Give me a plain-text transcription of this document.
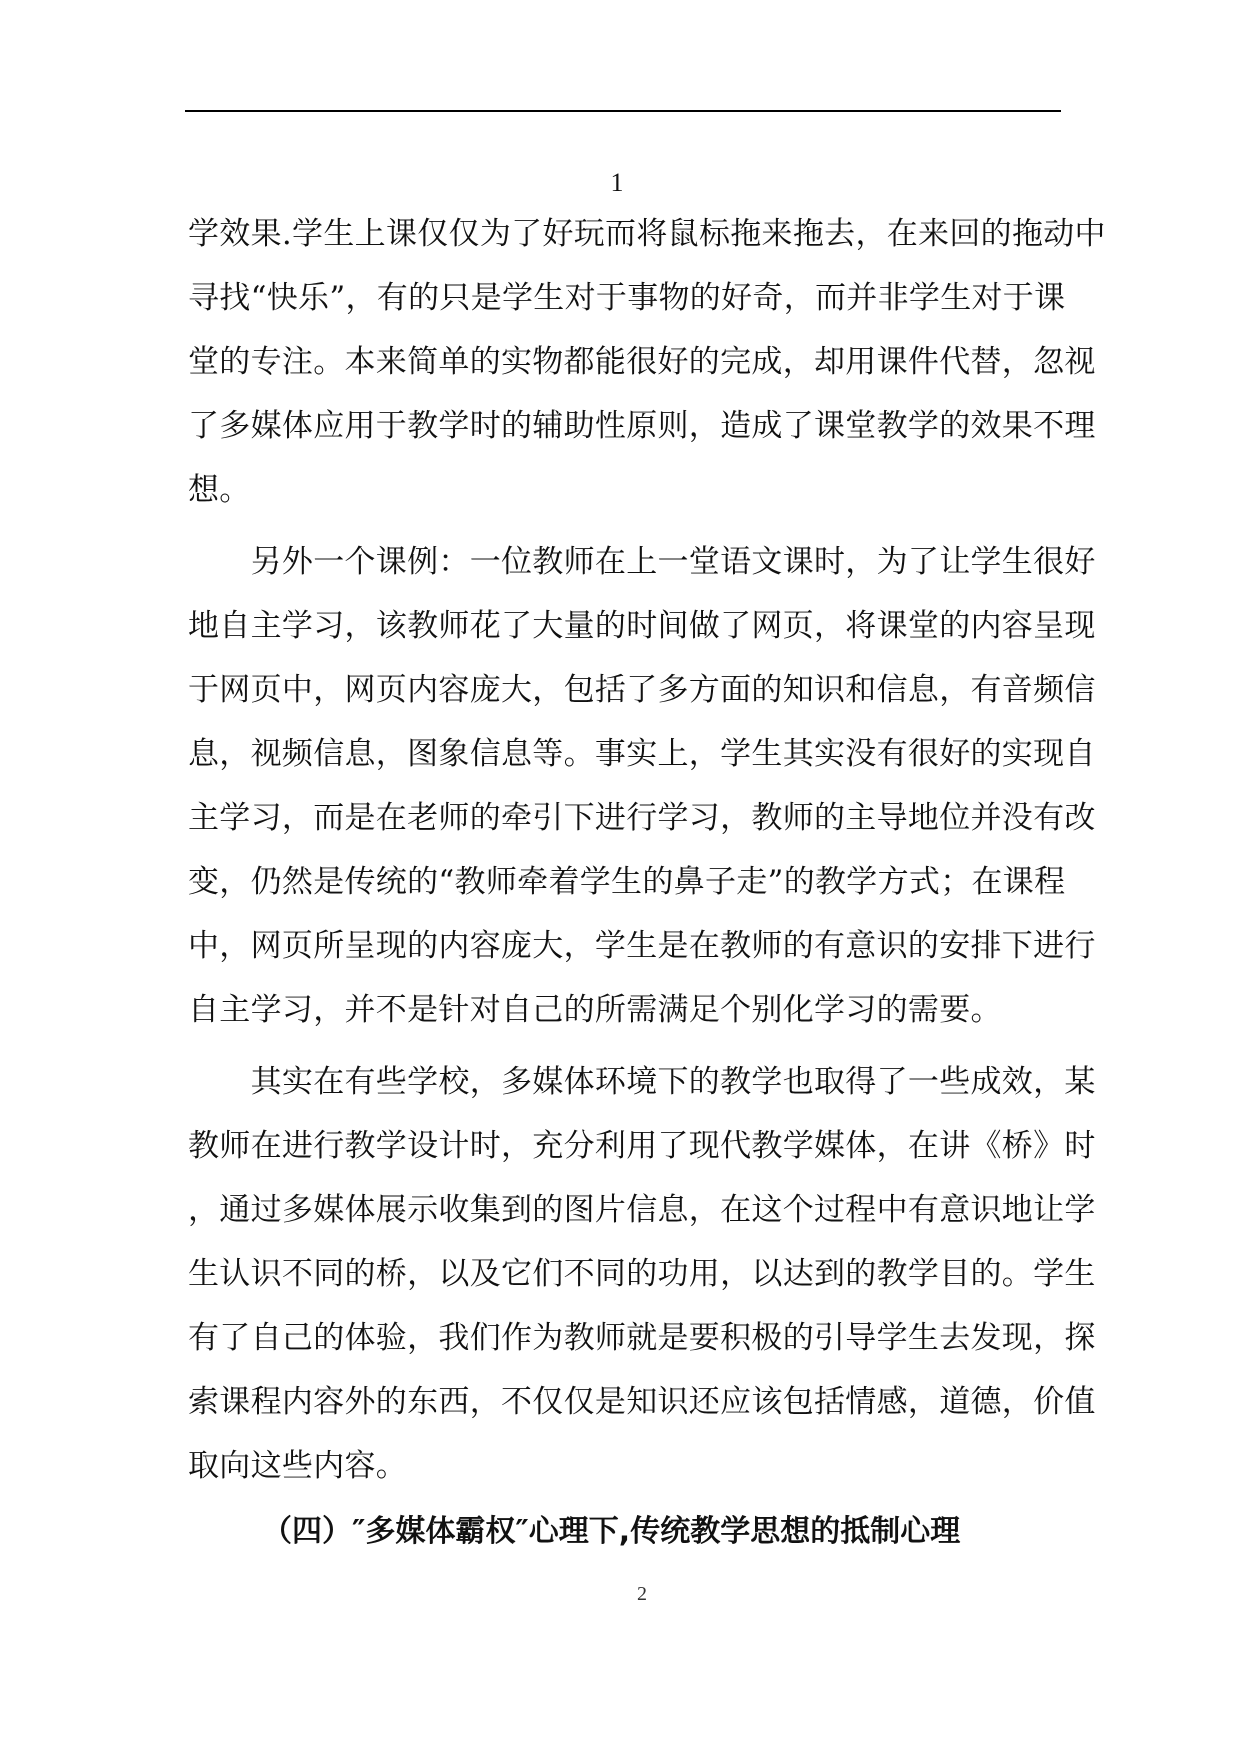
1
学效果.学生上课仅仅为了好玩而将鼠标拖来拖去，在来回的拖动中
寻找“快乐”，有的只是学生对于事物的好奇，而并非学生对于课
堂的专注。本来简单的实物都能很好的完成，却用课件代替，忽视
了多媒体应用于教学时的辅助性原则，造成了课堂教学的效果不理
想。
　　另外一个课例：一位教师在上一堂语文课时，为了让学生很好
地自主学习，该教师花了大量的时间做了网页，将课堂的内容呈现
于网页中，网页内容庞大，包括了多方面的知识和信息，有音频信
息，视频信息，图象信息等。事实上，学生其实没有很好的实现自
主学习，而是在老师的牵引下进行学习，教师的主导地位并没有改
变，仍然是传统的“教师牵着学生的鼻子走”的教学方式；在课程
中，网页所呈现的内容庞大，学生是在教师的有意识的安排下进行
自主学习，并不是针对自己的所需满足个别化学习的需要。
　　其实在有些学校，多媒体环境下的教学也取得了一些成效，某
教师在进行教学设计时，充分利用了现代教学媒体，在讲《桥》时
，通过多媒体展示收集到的图片信息，在这个过程中有意识地让学
生认识不同的桥，以及它们不同的功用，以达到的教学目的。学生
有了自己的体验，我们作为教师就是要积极的引导学生去发现，探
索课程内容外的东西，不仅仅是知识还应该包括情感，道德，价值
取向这些内容。
（四）″多媒体霸权″心理下,传统教学思想的抵制心理
2
